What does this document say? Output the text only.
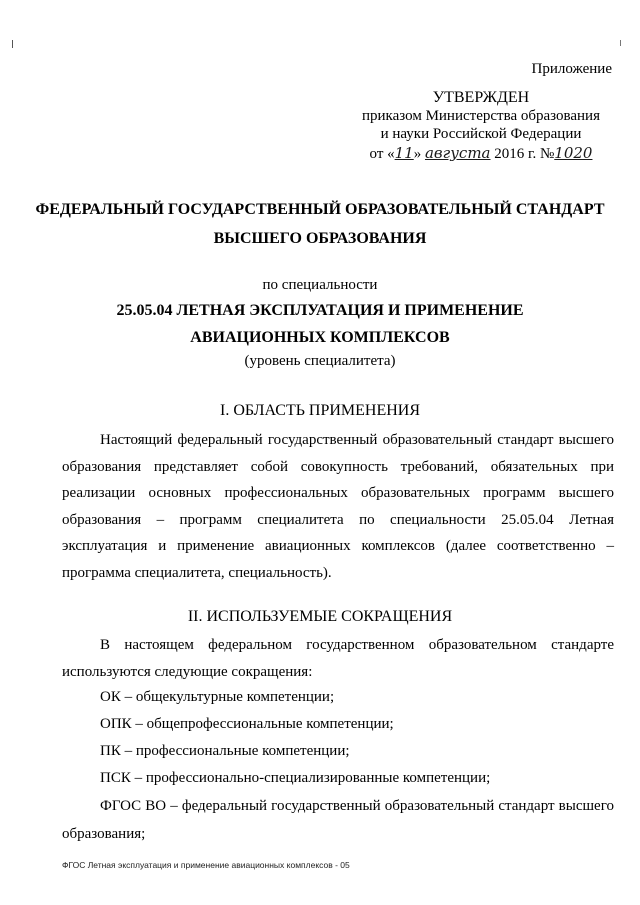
Приложение
УТВЕРЖДЕН
приказом Министерства образования
и науки Российской Федерации
от «11» августа 2016 г. №1020
ФЕДЕРАЛЬНЫЙ ГОСУДАРСТВЕННЫЙ ОБРАЗОВАТЕЛЬНЫЙ СТАНДАРТ
ВЫСШЕГО ОБРАЗОВАНИЯ
по специальности
25.05.04 ЛЕТНАЯ ЭКСПЛУАТАЦИЯ И ПРИМЕНЕНИЕ
АВИАЦИОННЫХ КОМПЛЕКСОВ
(уровень специалитета)
I. ОБЛАСТЬ ПРИМЕНЕНИЯ
Настоящий федеральный государственный образовательный стандарт высшего образования представляет собой совокупность требований, обязательных при реализации основных профессиональных образовательных программ высшего образования – программ специалитета по специальности 25.05.04 Летная эксплуатация и применение авиационных комплексов (далее соответственно – программа специалитета, специальность).
II. ИСПОЛЬЗУЕМЫЕ СОКРАЩЕНИЯ
В настоящем федеральном государственном образовательном стандарте используются следующие сокращения:
ОК – общекультурные компетенции;
ОПК – общепрофессиональные компетенции;
ПК – профессиональные компетенции;
ПСК – профессионально-специализированные компетенции;
ФГОС ВО – федеральный государственный образовательный стандарт высшего образования;
ФГОС Летная эксплуатация и применение авиационных комплексов - 05
